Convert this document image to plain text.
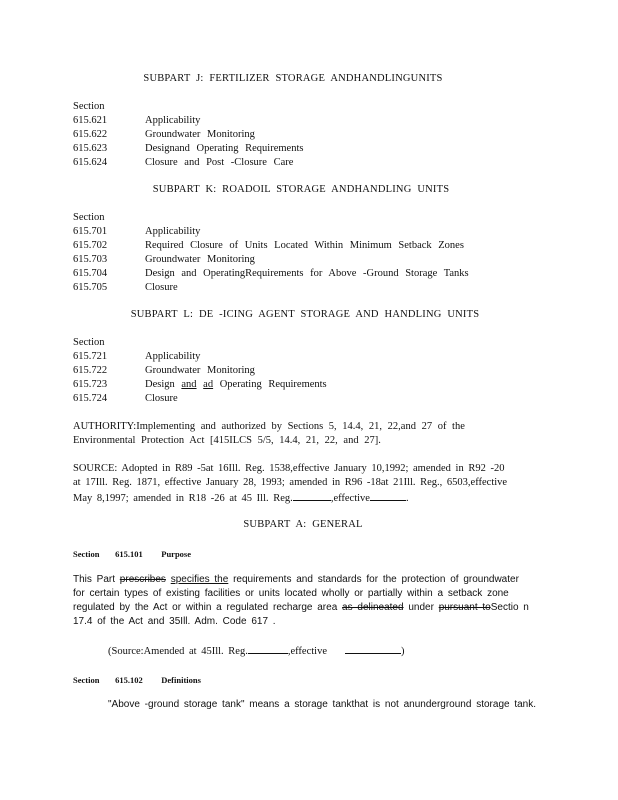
SUBPART J: FERTILIZER STORAGE ANDHANDLINGUNITS
Section
615.621	Applicability
615.622	Groundwater Monitoring
615.623	Designand Operating Requirements
615.624	Closure and Post -Closure Care
SUBPART K: ROADOIL STORAGE ANDHANDLING UNITS
Section
615.701	Applicability
615.702	Required Closure of Units Located Within Minimum Setback Zones
615.703	Groundwater Monitoring
615.704	Design and OperatingRequirements for Above -Ground Storage Tanks
615.705	Closure
SUBPART L: DE -ICING AGENT STORAGE AND HANDLING UNITS
Section
615.721	Applicability
615.722	Groundwater Monitoring
615.723	Design and ad Operating Requirements
615.724	Closure

AUTHORITY:Implementing and authorized by Sections 5, 14.4, 21, 22,and 27 of the

Environmental Protection Act [415ILCS 5/5, 14.4, 21, 22, and 27].

SOURCE: Adopted in R89 -5at 16Ill. Reg. 1538,effective January 10,1992; amended in R92 -20

at 17Ill. Reg. 1871, effective January 28, 1993; amended in R96 -18at 21Ill. Reg., 6503,effective

May 8,1997; amended in R18 -26 at 45 Ill. Reg.	,effective	.

SUBPART A: GENERAL
Section 615.101 Purpose

This Part prescribes specifies the requirements and standards for the protection of groundwater

for certain types of existing facilities or units located wholly or partially within a setback zone

regulated by the Act or within a regulated recharge area as delineated under pursuant toSectio n

17.4 of the Act and 35Ill. Adm. Code 617 .

(Source:Amended at 45Ill. Reg.	,effective	)

Section 615.102 Definitions

"Above -ground storage tank" means a storage tankthat is not anunderground storage tank.
